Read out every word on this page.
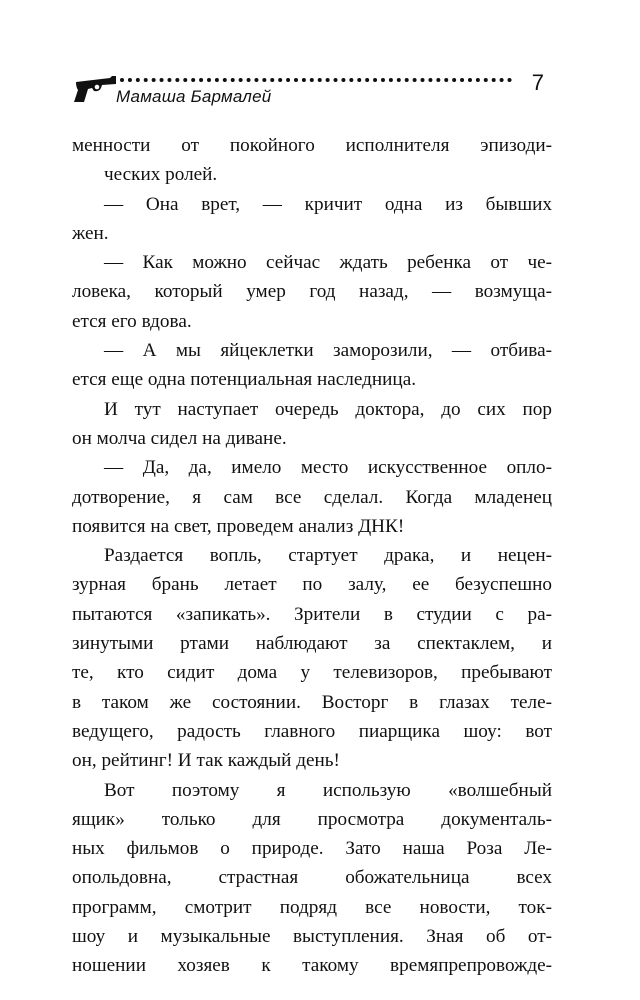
Мамаша Бармалей
7
менности от покойного исполнителя эпизоди-
ческих ролей.
— Она врет, — кричит одна из бывших
жен.
— Как можно сейчас ждать ребенка от че-
ловека, который умер год назад, — возмуща-
ется его вдова.
— А мы яйцеклетки заморозили, — отбива-
ется еще одна потенциальная наследница.
И тут наступает очередь доктора, до сих пор
он молча сидел на диване.
— Да, да, имело место искусственное опло-
дотворение, я сам все сделал. Когда младенец
появится на свет, проведем анализ ДНК!
Раздается вопль, стартует драка, и нецен-
зурная брань летает по залу, ее безуспешно
пытаются «запикать». Зрители в студии с ра-
зинутыми ртами наблюдают за спектаклем, и
те, кто сидит дома у телевизоров, пребывают
в таком же состоянии. Восторг в глазах теле-
ведущего, радость главного пиарщика шоу: вот
он, рейтинг! И так каждый день!
Вот поэтому я использую «волшебный
ящик» только для просмотра документаль-
ных фильмов о природе. Зато наша Роза Ле-
опольдовна, страстная обожательница всех
программ, смотрит подряд все новости, ток-
шоу и музыкальные выступления. Зная об от-
ношении хозяев к такому времяпрепровожде-
